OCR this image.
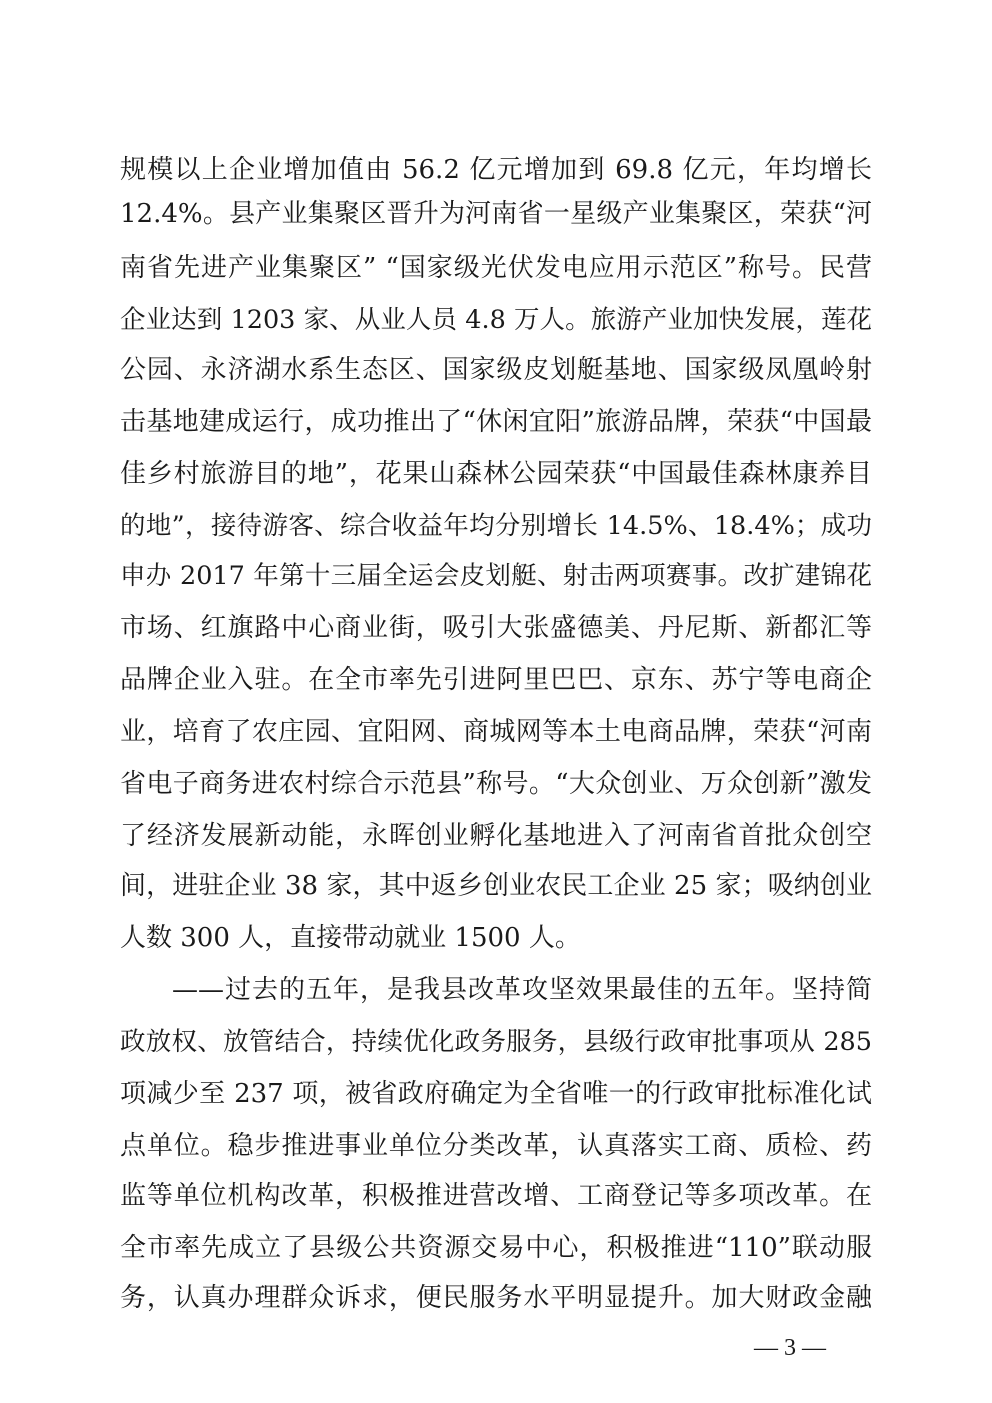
规模以上企业增加值由 56.2 亿元增加到 69.8 亿元，年均增长
12.4%。县产业集聚区晋升为河南省一星级产业集聚区，荣获“河
南省先进产业集聚区” “国家级光伏发电应用示范区”称号。民营
企业达到 1203 家、从业人员 4.8 万人。旅游产业加快发展，莲花
公园、永济湖水系生态区、国家级皮划艇基地、国家级凤凰岭射
击基地建成运行，成功推出了“休闲宜阳”旅游品牌，荣获“中国最
佳乡村旅游目的地”，花果山森林公园荣获“中国最佳森林康养目
的地”，接待游客、综合收益年均分别增长 14.5%、18.4%；成功
申办 2017 年第十三届全运会皮划艇、射击两项赛事。改扩建锦花
市场、红旗路中心商业街，吸引大张盛德美、丹尼斯、新都汇等
品牌企业入驻。在全市率先引进阿里巴巴、京东、苏宁等电商企
业，培育了农庄园、宜阳网、商城网等本土电商品牌，荣获“河南
省电子商务进农村综合示范县”称号。“大众创业、万众创新”激发
了经济发展新动能，永晖创业孵化基地进入了河南省首批众创空
间，进驻企业 38 家，其中返乡创业农民工企业 25 家；吸纳创业
人数 300 人，直接带动就业 1500 人。
——过去的五年，是我县改革攻坚效果最佳的五年。坚持简
政放权、放管结合，持续优化政务服务，县级行政审批事项从 285
项减少至 237 项，被省政府确定为全省唯一的行政审批标准化试
点单位。稳步推进事业单位分类改革，认真落实工商、质检、药
监等单位机构改革，积极推进营改增、工商登记等多项改革。在
全市率先成立了县级公共资源交易中心，积极推进“110”联动服
务，认真办理群众诉求，便民服务水平明显提升。加大财政金融
— 3 —
